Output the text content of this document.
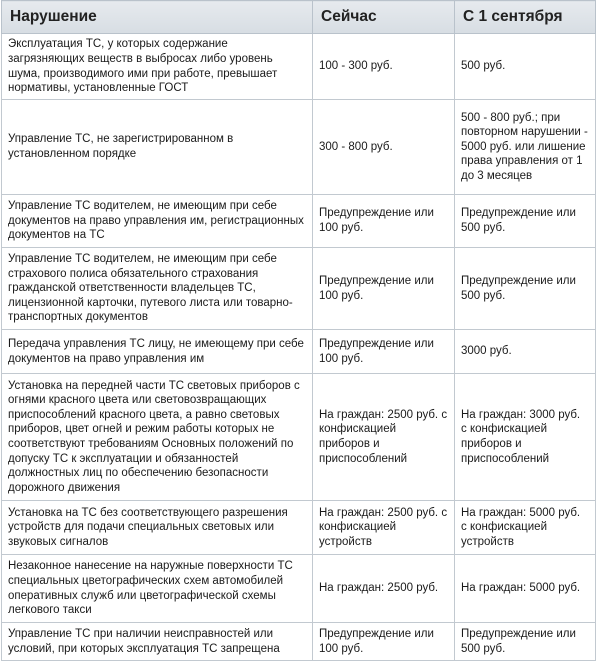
Нарушение	Сейчас	С 1 сентября
Эксплуатация ТС, у которых содержание загрязняющих веществ в выбросах либо уровень шума, производимого ими при работе, превышает нормативы, установленные ГОСТ	100 - 300 руб.	500 руб.
Управление ТС, не зарегистрированном в установленном порядке	300 - 800 руб.	500 - 800 руб.; при повторном нарушении - 5000 руб. или лишение права управления от 1 до 3 месяцев
Управление ТС водителем, не имеющим при себе документов на право управления им, регистрационных документов на ТС	Предупреждение или 100 руб.	Предупреждение или 500 руб.
Управление ТС водителем, не имеющим при себе страхового полиса обязательного страхования гражданской ответственности владельцев ТС, лицензионной карточки, путевого листа или товарно-транспортных документов	Предупреждение или 100 руб.	Предупреждение или 500 руб.
Передача управления ТС лицу, не имеющему при себе документов на право управления им	Предупреждение или 100 руб.	3000 руб.
Установка на передней части ТС световых приборов с огнями красного цвета или световозвращающих приспособлений красного цвета, а равно световых приборов, цвет огней и режим работы которых не соответствуют требованиям Основных положений по допуску ТС к эксплуатации и обязанностей должностных лиц по обеспечению безопасности дорожного движения	На граждан: 2500 руб. с конфискацией приборов и приспособлений	На граждан: 3000 руб. с конфискацией приборов и приспособлений
Установка на ТС без соответствующего разрешения устройств для подачи специальных световых или звуковых сигналов	На граждан: 2500 руб. с конфискацией устройств	На граждан: 5000 руб. с конфискацией устройств
Незаконное нанесение на наружные поверхности ТС специальных цветографических схем автомобилей оперативных служб или цветографической схемы легкового такси	На граждан: 2500 руб.	На граждан: 5000 руб.
Управление ТС при наличии неисправностей или условий, при которых эксплуатация ТС запрещена	Предупреждение или 100 руб.	Предупреждение или 500 руб.
